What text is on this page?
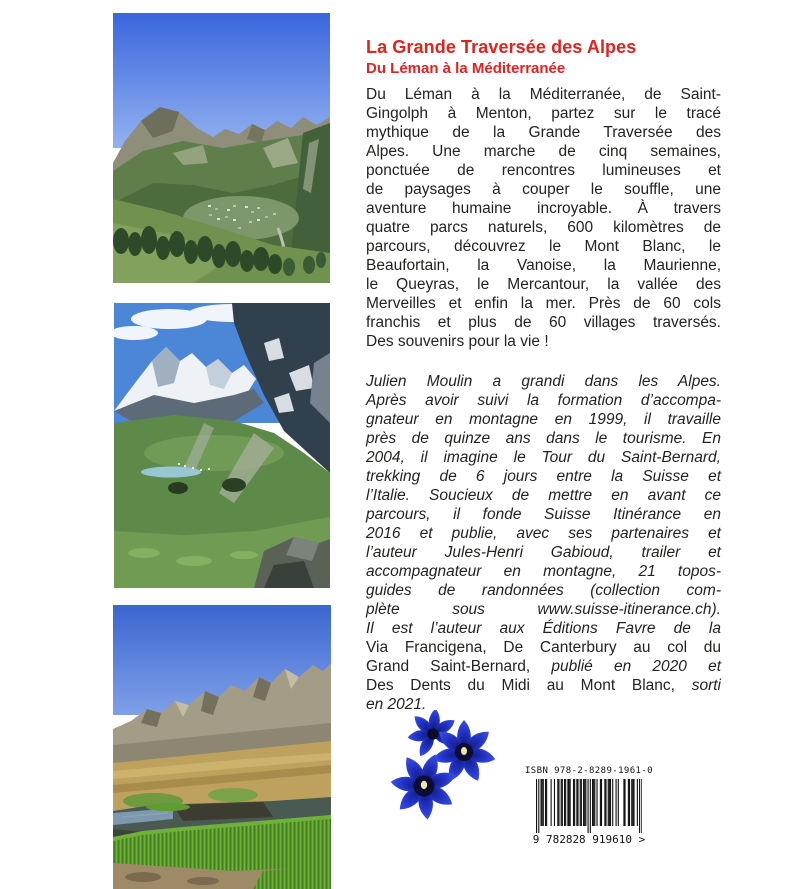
La Grande Traversée des Alpes
Du Léman à la Méditerranée
Du Léman à la Méditerranée, de Saint-
Gingolph à Menton, partez sur le tracé
mythique de la Grande Traversée des
Alpes. Une marche de cinq semaines,
ponctuée de rencontres lumineuses et
de paysages à couper le souffle, une
aventure humaine incroyable. À travers
quatre parcs naturels, 600 kilomètres de
parcours, découvrez le Mont Blanc, le
Beaufortain, la Vanoise, la Maurienne,
le Queyras, le Mercantour, la vallée des
Merveilles et enfin la mer. Près de 60 cols
franchis et plus de 60 villages traversés.
Des souvenirs pour la vie !
Julien Moulin a grandi dans les Alpes.
Après avoir suivi la formation d’accompa-
gnateur en montagne en 1999, il travaille
près de quinze ans dans le tourisme. En
2004, il imagine le Tour du Saint-Bernard,
trekking de 6 jours entre la Suisse et
l’Italie. Soucieux de mettre en avant ce
parcours, il fonde Suisse Itinérance en
2016 et publie, avec ses partenaires et
l’auteur Jules-Henri Gabioud, trailer et
accompagnateur en montagne, 21 topos-
guides de randonnées (collection com-
plète sous www.suisse-itinerance.ch).
Il est l’auteur aux Éditions Favre de la
Via Francigena, De Canterbury au col du
Grand Saint-Bernard, publié en 2020 et
Des Dents du Midi au Mont Blanc, sorti
en 2021.
ISBN 978-2-8289-1961-0
9 782828 919610 >
